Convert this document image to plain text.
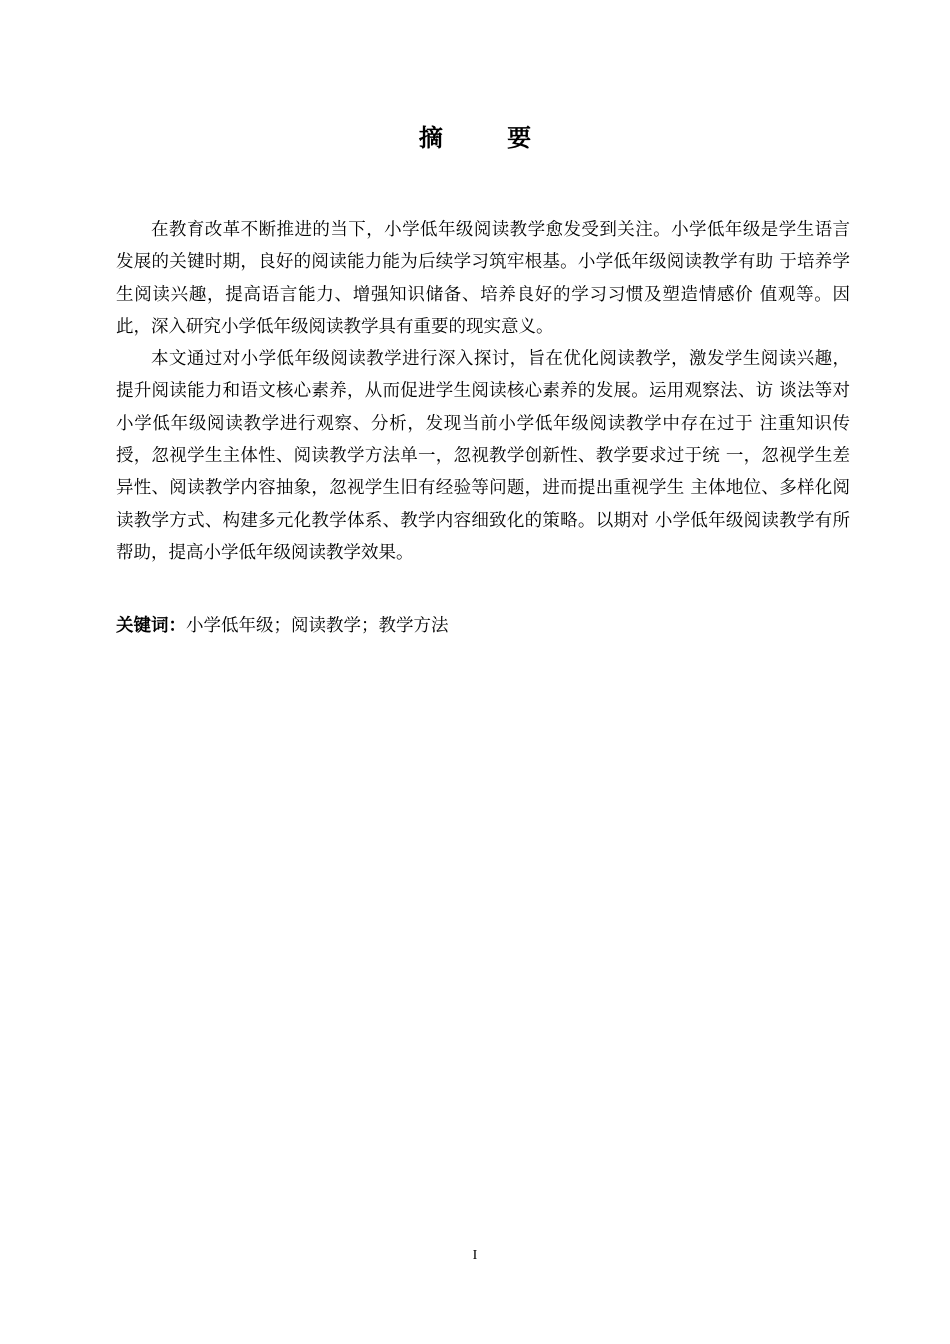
摘 要

在教育改革不断推进的当下，小学低年级阅读教学愈发受到关注。小学低年级是学生语言发展的关键时期，良好的阅读能力能为后续学习筑牢根基。小学低年级阅读教学有助 于培养学生阅读兴趣，提高语言能力、增强知识储备、培养良好的学习习惯及塑造情感价 值观等。因此，深入研究小学低年级阅读教学具有重要的现实意义。

本文通过对小学低年级阅读教学进行深入探讨，旨在优化阅读教学，激发学生阅读兴趣，提升阅读能力和语文核心素养，从而促进学生阅读核心素养的发展。运用观察法、访 谈法等对小学低年级阅读教学进行观察、分析，发现当前小学低年级阅读教学中存在过于 注重知识传授，忽视学生主体性、阅读教学方法单一，忽视教学创新性、教学要求过于统 一，忽视学生差异性、阅读教学内容抽象，忽视学生旧有经验等问题，进而提出重视学生 主体地位、多样化阅读教学方式、构建多元化教学体系、教学内容细致化的策略。以期对 小学低年级阅读教学有所帮助，提高小学低年级阅读教学效果。

关键词：小学低年级；阅读教学；教学方法
I
